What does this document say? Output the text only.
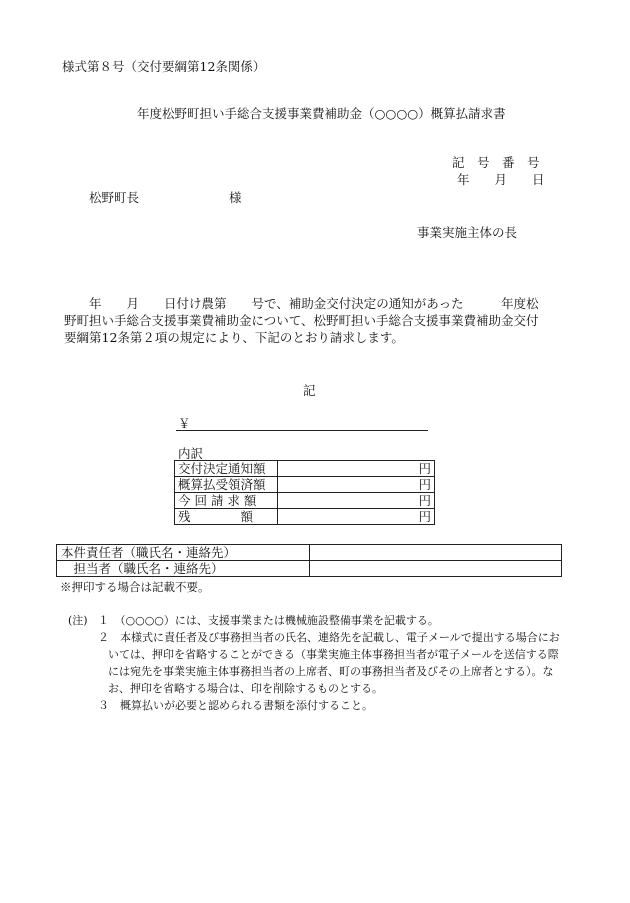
様式第８号（交付要綱第12条関係）
年度松野町担い手総合支援事業費補助金（○○○○）概算払請求書
記　号　番　号
年　　月　　日
松野町長	様
事業実施主体の長
　　年　　月　　日付け農第　　号で、補助金交付決定の通知があった　　　年度松
野町担い手総合支援事業費補助金について、松野町担い手総合支援事業費補助金交付
要綱第12条第２項の規定により、下記のとおり請求します。
記
￥
内訳
交付決定通知額	円
概算払受領済額	円
今 回 請 求 額	円
残　　　　額	円
本件責任者（職氏名・連絡先）	
　担当者（職氏名・連絡先）	
※押印する場合は記載不要。
(注) １　（○○○○）には、支援事業または機械施設整備事業を記載する。
２　本様式に責任者及び事務担当者の氏名、連絡先を記載し、電子メールで提出する場合にお
いては、押印を省略することができる（事業実施主体事務担当者が電子メールを送信する際
には宛先を事業実施主体事務担当者の上席者、町の事務担当者及びその上席者とする）。な
お、押印を省略する場合は、印を削除するものとする。
３　概算払いが必要と認められる書類を添付すること。
